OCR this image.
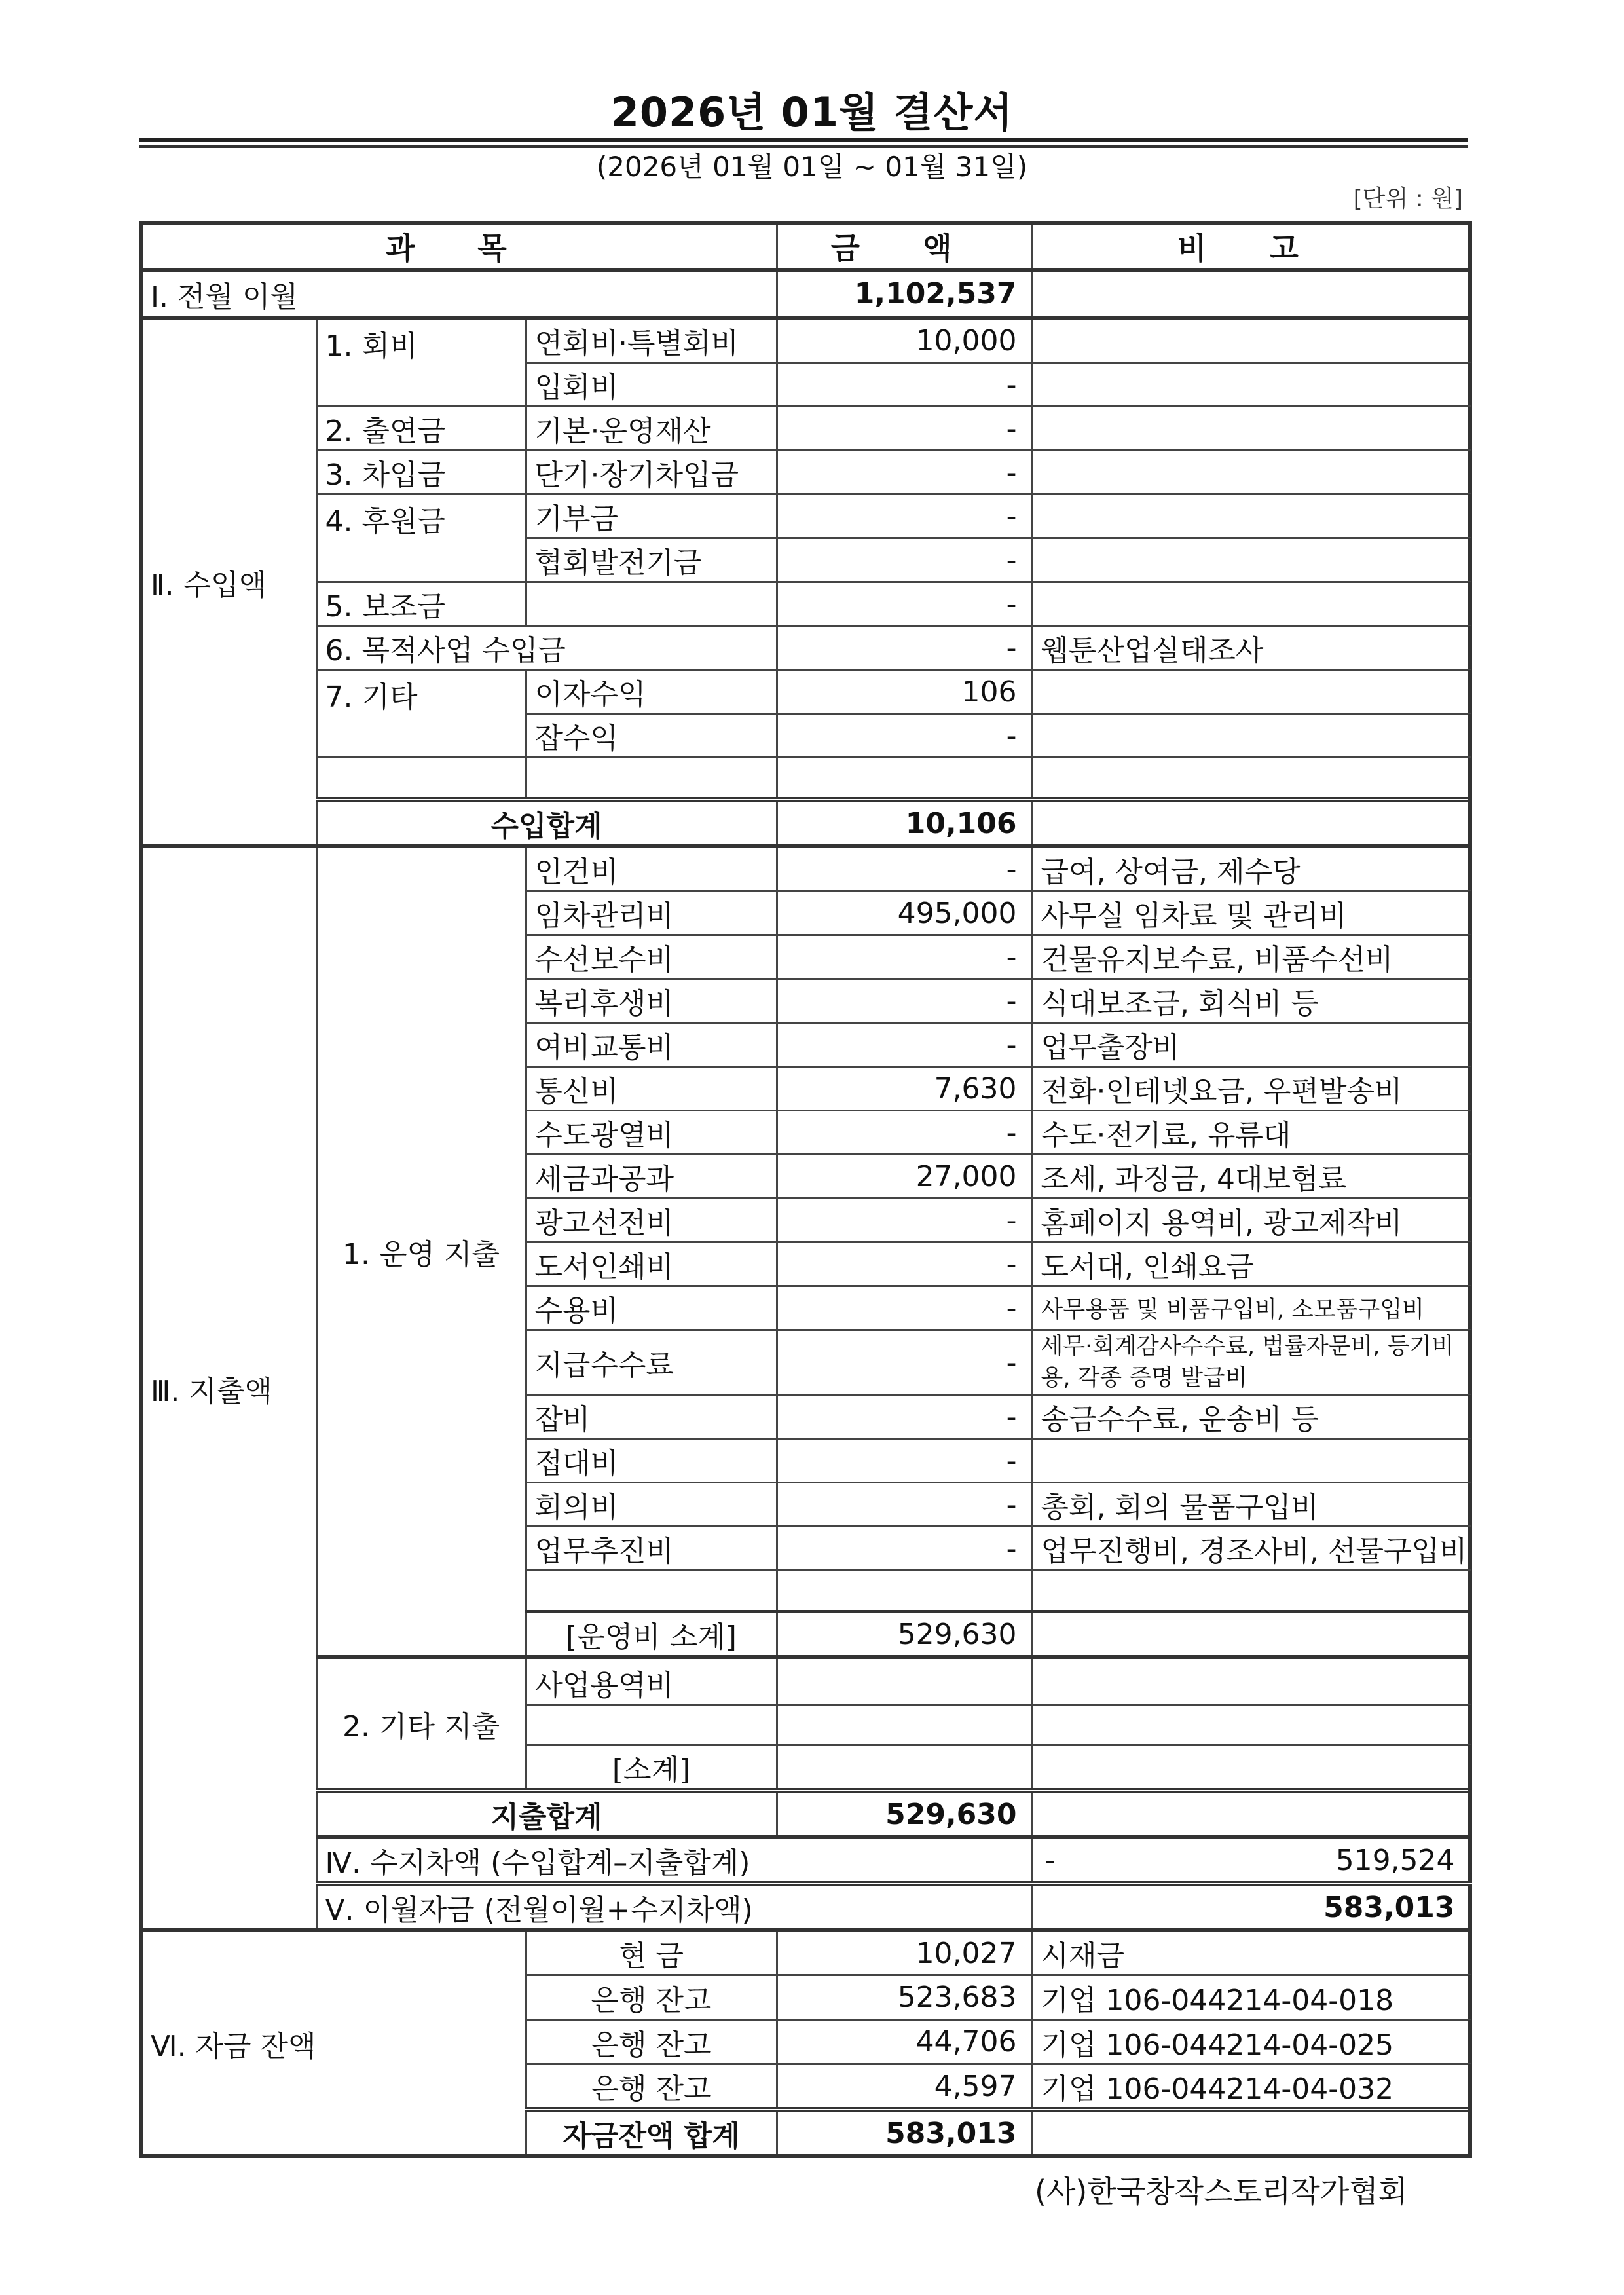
2026년 01월 결산서
(2026년 01월 01일 ~ 01월 31일)
[단위 : 원]
과 목			금 액	비 고	
Ⅰ. 전월 이월			1,102,537		
Ⅱ. 수입액	1. 회비	연회비·특별회비	10,000		
		입회비	-		
	2. 출연금	기본·운영재산	-		
	3. 차입금	단기·장기차입금	-		
	4. 후원금	기부금	-		
		협회발전기금	-		
	5. 보조금		-		
	6. 목적사업 수입금		-	웹툰산업실태조사	
	7. 기타	이자수익	106		
		잡수익	-		

	수입합계		10,106		
Ⅲ. 지출액	1. 운영 지출	인건비	-	급여, 상여금, 제수당	
		임차관리비	495,000	사무실 임차료 및 관리비	
		수선보수비	-	건물유지보수료, 비품수선비	
		복리후생비	-	식대보조금, 회식비 등	
		여비교통비	-	업무출장비	
		통신비	7,630	전화·인테넷요금, 우편발송비	
		수도광열비	-	수도·전기료, 유류대	
		세금과공과	27,000	조세, 과징금, 4대보험료	
		광고선전비	-	홈페이지 용역비, 광고제작비	
		도서인쇄비	-	도서대, 인쇄요금	
		수용비	-	사무용품 및 비품구입비, 소모품구입비	
		지급수수료	-	세무·회계감사수수료, 법률자문비, 등기비용, 각종 증명 발급비	
		잡비	-	송금수수료, 운송비 등	
		접대비	-		
		회의비	-	총회, 회의 물품구입비	
		업무추진비	-	업무진행비, 경조사비, 선물구입비	

		[운영비 소계]	529,630		
	2. 기타 지출	사업용역비			

		[소계]			
	지출합계		529,630		
	Ⅳ. 수지차액 (수입합계–지출합계)			- 519,524	
	Ⅴ. 이월자금 (전월이월+수지차액)			583,013	
Ⅵ. 자금 잔액		현 금	10,027	시재금	
		은행 잔고	523,683	기업 106-044214-04-018	
		은행 잔고	44,706	기업 106-044214-04-025	
		은행 잔고	4,597	기업 106-044214-04-032	
		자금잔액 합계	583,013		
(사)한국창작스토리작가협회
